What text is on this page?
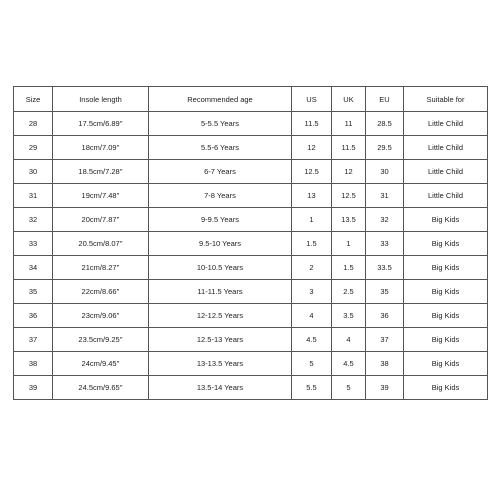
Size	Insole length	Recommended age	US	UK	EU	Suitable for
28	17.5cm/6.89''	5-5.5 Years	11.5	11	28.5	Little Child
29	18cm/7.09''	5.5-6 Years	12	11.5	29.5	Little Child
30	18.5cm/7.28''	6-7 Years	12.5	12	30	Little Child
31	19cm/7.48''	7-8 Years	13	12.5	31	Little Child
32	20cm/7.87''	9-9.5 Years	1	13.5	32	Big Kids
33	20.5cm/8.07''	9.5-10 Years	1.5	1	33	Big Kids
34	21cm/8.27''	10-10.5 Years	2	1.5	33.5	Big Kids
35	22cm/8.66''	11-11.5 Years	3	2.5	35	Big Kids
36	23cm/9.06''	12-12.5 Years	4	3.5	36	Big Kids
37	23.5cm/9.25''	12.5-13 Years	4.5	4	37	Big Kids
38	24cm/9.45''	13-13.5 Years	5	4.5	38	Big Kids
39	24.5cm/9.65''	13.5-14 Years	5.5	5	39	Big Kids
